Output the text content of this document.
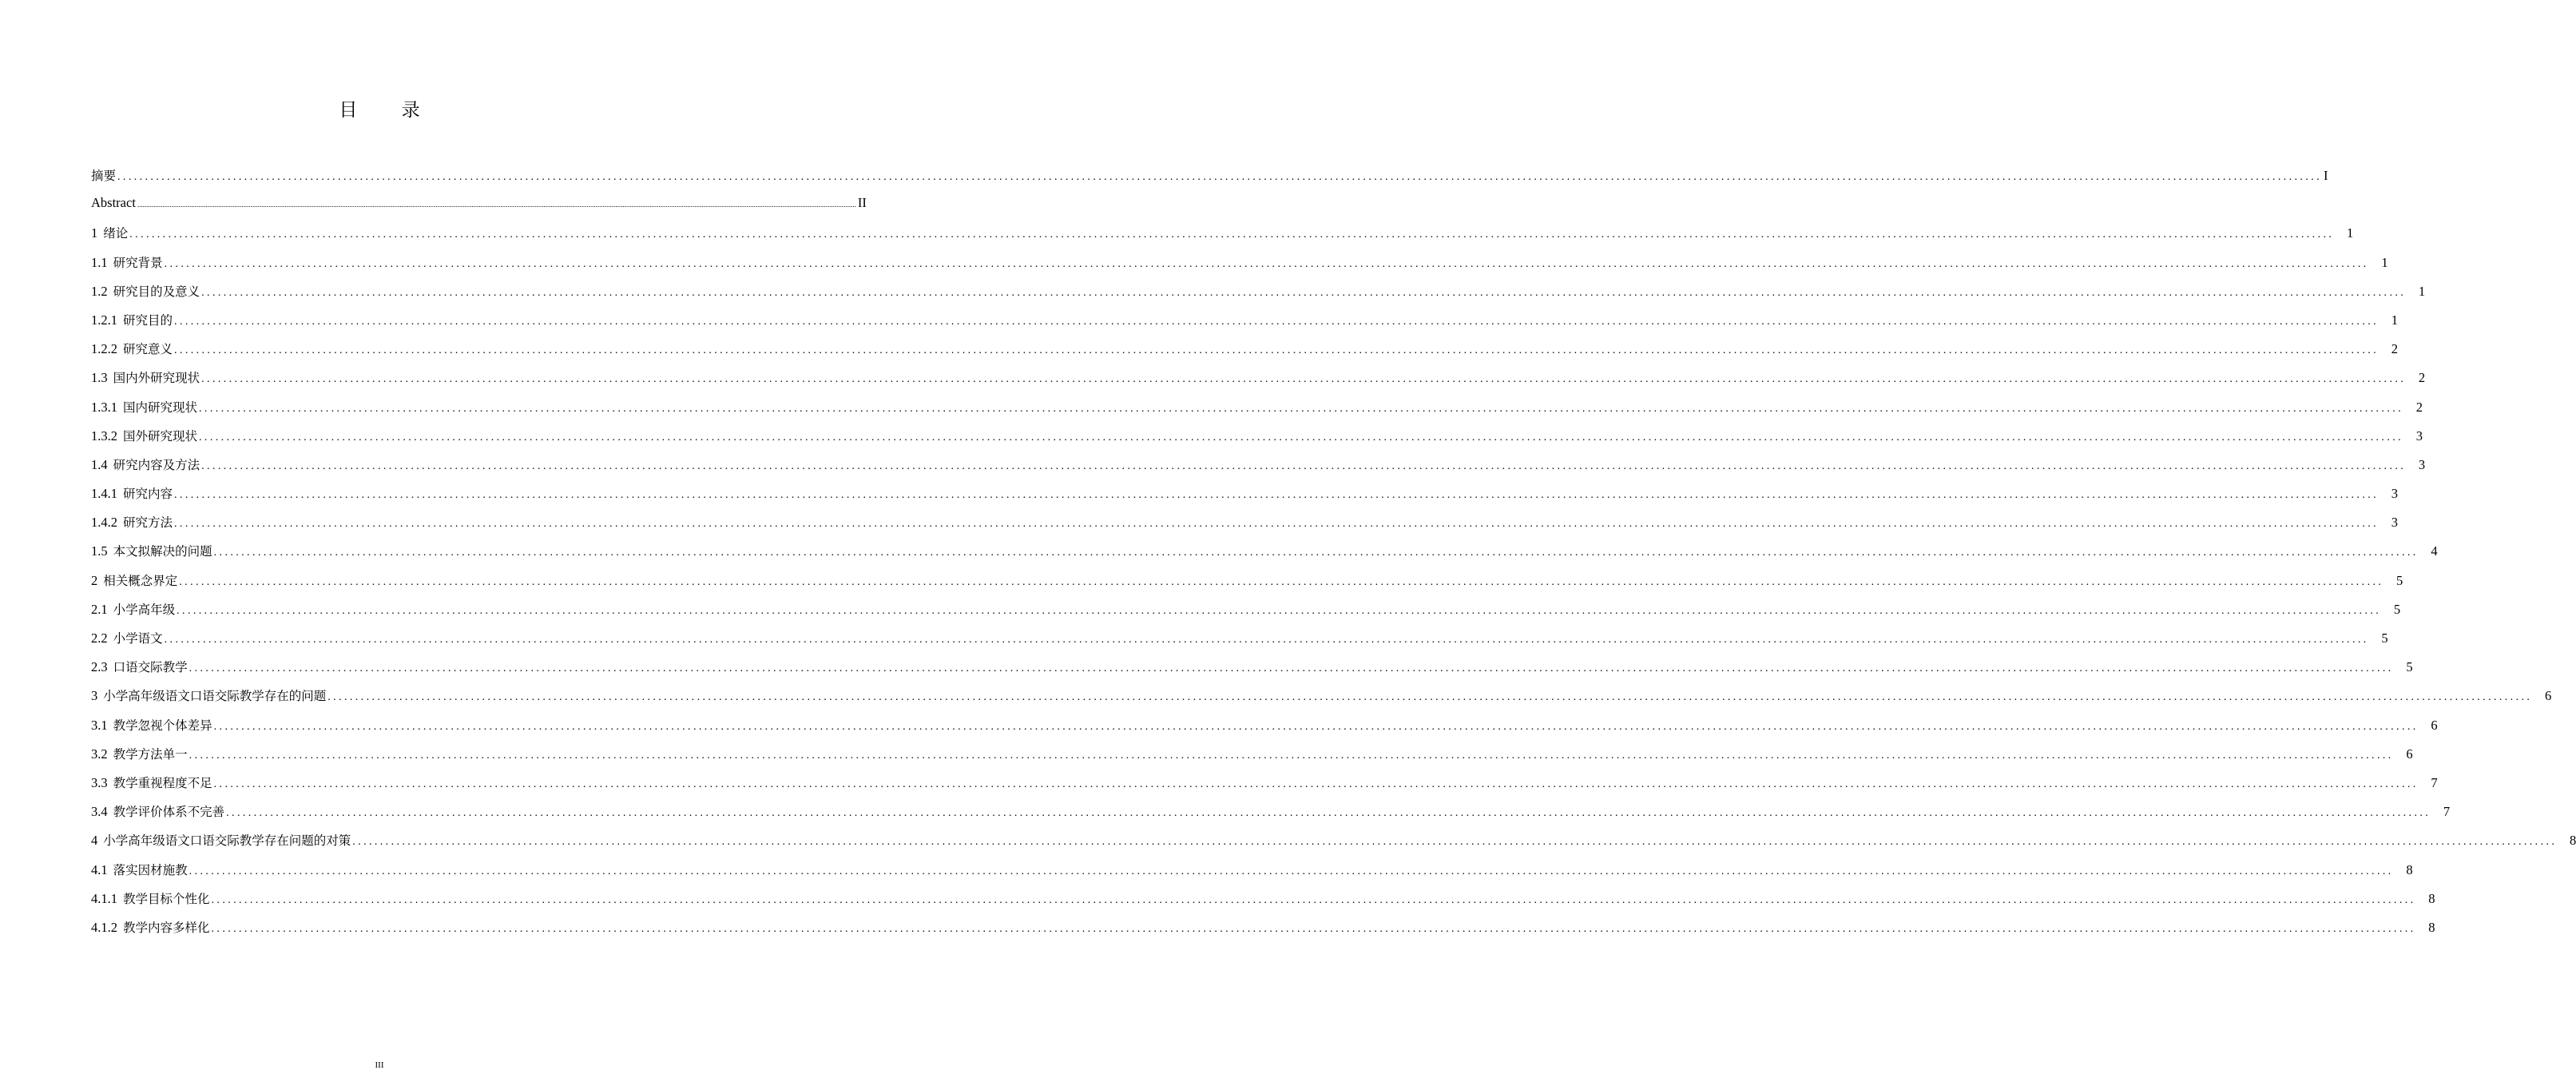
目 录
摘要 ................................................................................................................................................................................................................................................................................................................................................................................................................ I
Abstract ................................................................................................................................................................................................................................................................................................................................................................................................................ II
1 绪论 ................................................................................................................................................................................................................................................................................................................................................................................................................ 1
1.1 研究背景 ................................................................................................................................................................................................................................................................................................................................................................................................................ 1
1.2 研究目的及意义 ................................................................................................................................................................................................................................................................................................................................................................................................................ 1
1.2.1 研究目的 ................................................................................................................................................................................................................................................................................................................................................................................................................ 1
1.2.2 研究意义 ................................................................................................................................................................................................................................................................................................................................................................................................................ 2
1.3 国内外研究现状 ................................................................................................................................................................................................................................................................................................................................................................................................................ 2
1.3.1 国内研究现状 ................................................................................................................................................................................................................................................................................................................................................................................................................ 2
1.3.2 国外研究现状 ................................................................................................................................................................................................................................................................................................................................................................................................................ 3
1.4 研究内容及方法 ................................................................................................................................................................................................................................................................................................................................................................................................................ 3
1.4.1 研究内容 ................................................................................................................................................................................................................................................................................................................................................................................................................ 3
1.4.2 研究方法 ................................................................................................................................................................................................................................................................................................................................................................................................................ 3
1.5 本文拟解决的问题 ................................................................................................................................................................................................................................................................................................................................................................................................................ 4
2 相关概念界定 ................................................................................................................................................................................................................................................................................................................................................................................................................ 5
2.1 小学高年级 ................................................................................................................................................................................................................................................................................................................................................................................................................ 5
2.2 小学语文 ................................................................................................................................................................................................................................................................................................................................................................................................................ 5
2.3 口语交际教学 ................................................................................................................................................................................................................................................................................................................................................................................................................ 5
3 小学高年级语文口语交际教学存在的问题 ................................................................................................................................................................................................................................................................................................................................................................................................................ 6
3.1 教学忽视个体差异 ................................................................................................................................................................................................................................................................................................................................................................................................................ 6
3.2 教学方法单一 ................................................................................................................................................................................................................................................................................................................................................................................................................ 6
3.3 教学重视程度不足 ................................................................................................................................................................................................................................................................................................................................................................................................................ 7
3.4 教学评价体系不完善 ................................................................................................................................................................................................................................................................................................................................................................................................................ 7
4 小学高年级语文口语交际教学存在问题的对策 ................................................................................................................................................................................................................................................................................................................................................................................................................ 8
4.1 落实因材施教 ................................................................................................................................................................................................................................................................................................................................................................................................................ 8
4.1.1 教学目标个性化 ................................................................................................................................................................................................................................................................................................................................................................................................................ 8
4.1.2 教学内容多样化 ................................................................................................................................................................................................................................................................................................................................................................................................................ 8
III
